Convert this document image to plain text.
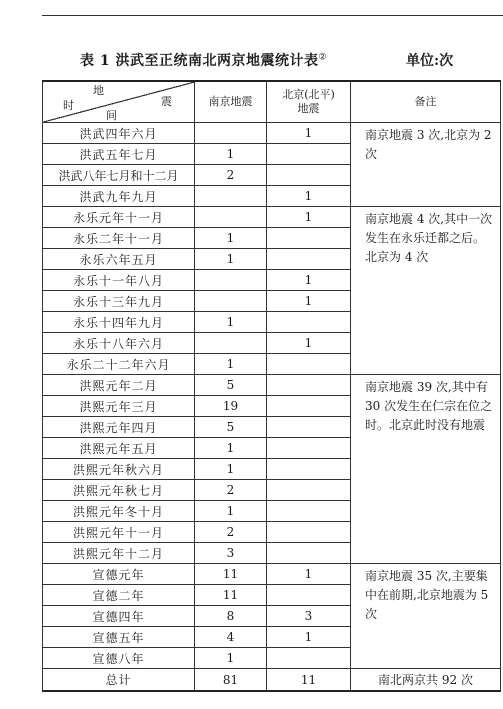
表 1 洪武至正统南北两京地震统计表②	单位:次
地
震
时
间	南京地震	北京(北平)
地震	备注
洪武四年六月		1	南京地震 3 次,北京为 2 次
洪武五年七月	1		
洪武八年七月和十二月	2		
洪武九年九月		1	
永乐元年十一月		1	南京地震 4 次,其中一次发生在永乐迁都之后。北京为 4 次
永乐二年十一月	1		
永乐六年五月	1		
永乐十一年八月		1	
永乐十三年九月		1	
永乐十四年九月	1		
永乐十八年六月		1	
永乐二十二年六月	1		
洪熙元年二月	5		南京地震 39 次,其中有 30 次发生在仁宗在位之时。北京此时没有地震
洪熙元年三月	19		
洪熙元年四月	5		
洪熙元年五月	1		
洪熙元年秋六月	1		
洪熙元年秋七月	2		
洪熙元年冬十月	1		
洪熙元年十一月	2		
洪熙元年十二月	3		
宣德元年	11	1	南京地震 35 次,主要集中在前期,北京地震为 5 次
宣德二年	11		
宣德四年	8	3	
宣德五年	4	1	
宣德八年	1		
总计	81	11	南北两京共 92 次
